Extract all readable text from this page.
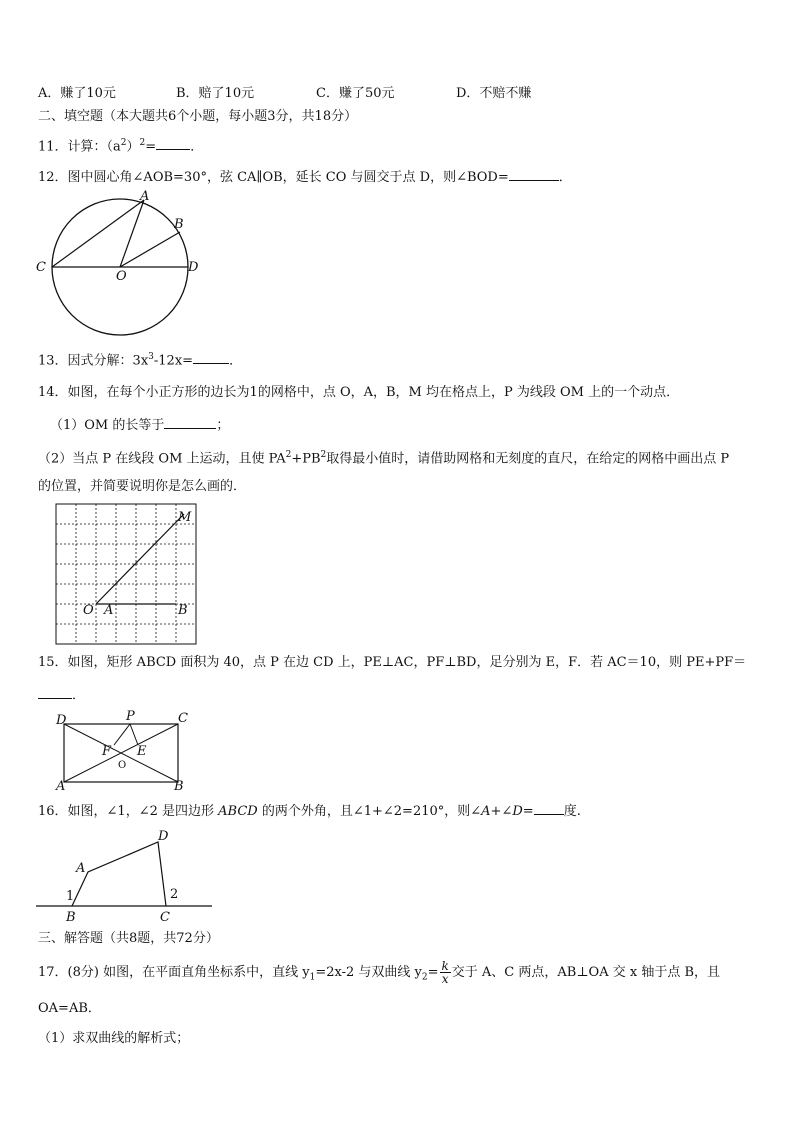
A．赚了10元	B．赔了10元	C．赚了50元	D．不赔不赚
二、填空题（本大题共6个小题，每小题3分，共18分）
11．计算：$(a^2)^2=$	．
12．图中圆心角∠AOB=30°，弦 CA∥OB，延长 CO 与圆交于点 D，则∠BOD=	．
A
B
C	D
O
13．因式分解：$3x^3-12x=$	．
14．如图，在每个小正方形的边长为1的网格中，点 O，A，B，M 均在格点上，P 为线段 OM 上的一个动点．
（1）OM 的长等于	；
（2）当点 P 在线段 OM 上运动，且使 $PA^2+PB^2$取得最小值时，请借助网格和无刻度的直尺，在给定的网格中画出点 P
的位置，并简要说明你是怎么画的．
O A	B
M
15．如图，矩形 ABCD 面积为 40，点 P 在边 CD 上，PE⊥AC，PF⊥BD，足分别为 E，F．若 AC＝10，则 PE+PF＝
．
D	P	C
F E
O
A	B
16．如图，∠1，∠2 是四边形 ABCD 的两个外角，且∠1+∠2=210°，则∠A+∠D= 度.
A
D
B	C
1	2
三、解答题（共8题，共72分）
17．(8分) 如图，在平面直角坐标系中，直线 $y_1=2x-2$ 与双曲线 $y_2= \frac{k}{x}$ 交于 A、C 两点，AB⊥OA 交 x 轴于点 B，且
OA=AB．
（1）求双曲线的解析式；
